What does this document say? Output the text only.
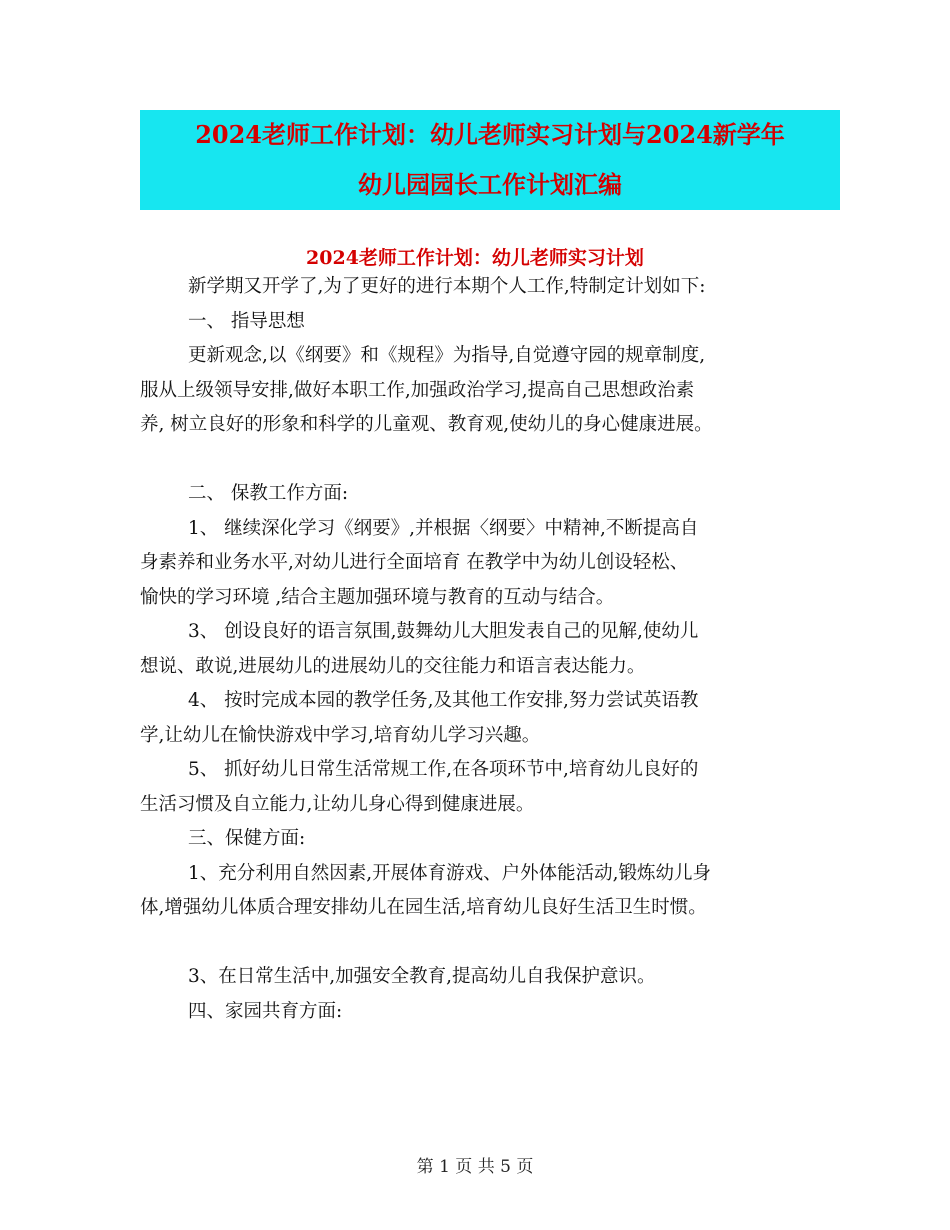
2024老师工作计划：幼儿老师实习计划与2024新学年
幼儿园园长工作计划汇编
2024老师工作计划：幼儿老师实习计划

新学期又开学了,为了更好的进行本期个人工作,特制定计划如下:

一、 指导思想

更新观念,以《纲要》和《规程》为指导,自觉遵守园的规章制度,

服从上级领导安排,做好本职工作,加强政治学习,提高自己思想政治素

养, 树立良好的形象和科学的儿童观、教育观,使幼儿的身心健康进展。

二、 保教工作方面:

1、 继续深化学习《纲要》,并根据〈纲要〉中精神,不断提高自

身素养和业务水平,对幼儿进行全面培育 在教学中为幼儿创设轻松、

愉快的学习环境 ,结合主题加强环境与教育的互动与结合。

3、 创设良好的语言氛围,鼓舞幼儿大胆发表自己的见解,使幼儿

想说、敢说,进展幼儿的进展幼儿的交往能力和语言表达能力。

4、 按时完成本园的教学任务,及其他工作安排,努力尝试英语教

学,让幼儿在愉快游戏中学习,培育幼儿学习兴趣。

5、 抓好幼儿日常生活常规工作,在各项环节中,培育幼儿良好的

生活习惯及自立能力,让幼儿身心得到健康进展。

三、保健方面:

1、充分利用自然因素,开展体育游戏、户外体能活动,锻炼幼儿身

体,增强幼儿体质合理安排幼儿在园生活,培育幼儿良好生活卫生时惯。

3、在日常生活中,加强安全教育,提高幼儿自我保护意识。

四、家园共育方面:

第 1 页 共 5 页
